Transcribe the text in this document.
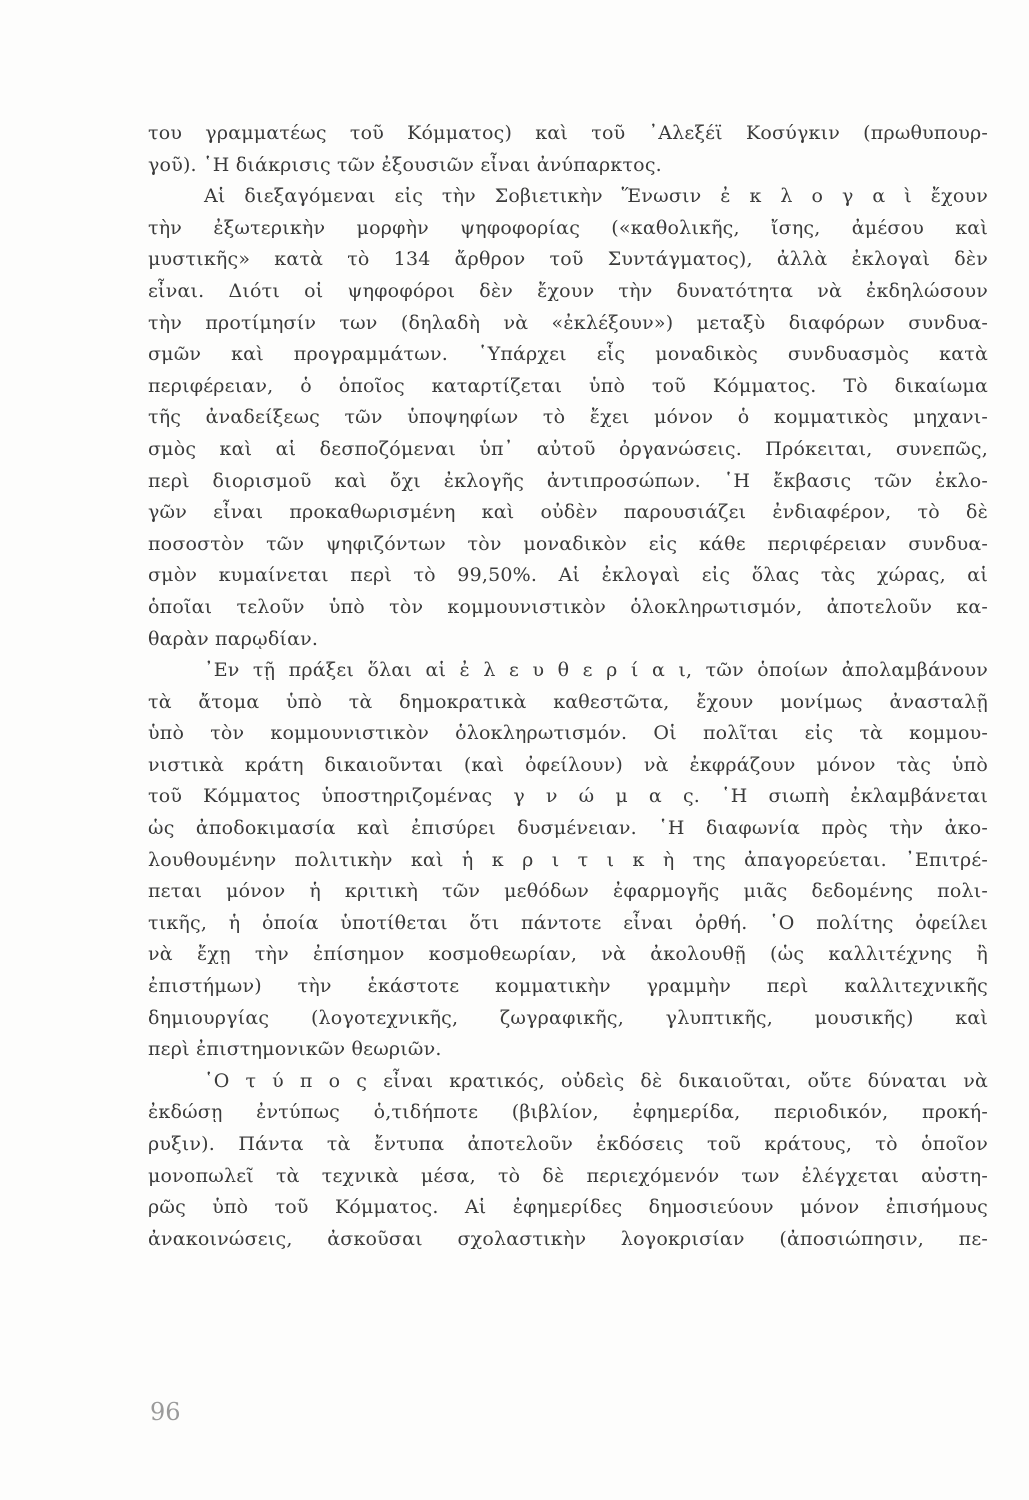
του γραμματέως τοῦ Κόμματος) καὶ τοῦ ᾿Αλεξέϊ Κοσύγκιν (πρωθυπουρ-
γοῦ). ῾Η διάκρισις τῶν ἐξουσιῶν εἶναι ἀνύπαρκτος.
Αἱ διεξαγόμεναι εἰς τὴν Σοβιετικὴν Ἕνωσιν ἐ κ λ ο γ α ὶ ἔχουν
τὴν ἐξωτερικὴν μορφὴν ψηφοφορίας («καθολικῆς, ἴσης, ἀμέσου καὶ
μυστικῆς» κατὰ τὸ 134 ἄρθρον τοῦ Συντάγματος), ἀλλὰ ἐκλογαὶ δὲν
εἶναι. Διότι οἱ ψηφοφόροι δὲν ἔχουν τὴν δυνατότητα νὰ ἐκδηλώσουν
τὴν προτίμησίν των (δηλαδὴ νὰ «ἐκλέξουν») μεταξὺ διαφόρων συνδυα-
σμῶν καὶ προγραμμάτων. ῾Υπάρχει εἷς μοναδικὸς συνδυασμὸς κατὰ
περιφέρειαν, ὁ ὁποῖος καταρτίζεται ὑπὸ τοῦ Κόμματος. Τὸ δικαίωμα
τῆς ἀναδείξεως τῶν ὑποψηφίων τὸ ἔχει μόνον ὁ κομματικὸς μηχανι-
σμὸς καὶ αἱ δεσποζόμεναι ὑπ᾿ αὐτοῦ ὀργανώσεις. Πρόκειται, συνεπῶς,
περὶ διορισμοῦ καὶ ὄχι ἐκλογῆς ἀντιπροσώπων. ῾Η ἔκβασις τῶν ἐκλο-
γῶν εἶναι προκαθωρισμένη καὶ οὐδὲν παρουσιάζει ἐνδιαφέρον, τὸ δὲ
ποσοστὸν τῶν ψηφιζόντων τὸν μοναδικὸν εἰς κάθε περιφέρειαν συνδυα-
σμὸν κυμαίνεται περὶ τὸ 99,50%. Αἱ ἐκλογαὶ εἰς ὅλας τὰς χώρας, αἱ
ὁποῖαι τελοῦν ὑπὸ τὸν κομμουνιστικὸν ὁλοκληρωτισμόν, ἀποτελοῦν κα-
θαρὰν παρῳδίαν.
᾿Εν τῇ πράξει ὅλαι αἱ ἐ λ ε υ θ ε ρ ί α ι, τῶν ὁποίων ἀπολαμβάνουν
τὰ ἄτομα ὑπὸ τὰ δημοκρατικὰ καθεστῶτα, ἔχουν μονίμως ἀνασταλῇ
ὑπὸ τὸν κομμουνιστικὸν ὁλοκληρωτισμόν. Οἱ πολῖται εἰς τὰ κομμου-
νιστικὰ κράτη δικαιοῦνται (καὶ ὀφείλουν) νὰ ἐκφράζουν μόνον τὰς ὑπὸ
τοῦ Κόμματος ὑποστηριζομένας γ ν ώ μ α ς. ῾Η σιωπὴ ἐκλαμβάνεται
ὡς ἀποδοκιμασία καὶ ἐπισύρει δυσμένειαν. ῾Η διαφωνία πρὸς τὴν ἀκο-
λουθουμένην πολιτικὴν καὶ ἡ κ ρ ι τ ι κ ὴ της ἀπαγορεύεται. ᾿Επιτρέ-
πεται μόνον ἡ κριτικὴ τῶν μεθόδων ἐφαρμογῆς μιᾶς δεδομένης πολι-
τικῆς, ἡ ὁποία ὑποτίθεται ὅτι πάντοτε εἶναι ὀρθή. ῾Ο πολίτης ὀφείλει
νὰ ἔχῃ τὴν ἐπίσημον κοσμοθεωρίαν, νὰ ἀκολουθῇ (ὡς καλλιτέχνης ἢ
ἐπιστήμων) τὴν ἑκάστοτε κομματικὴν γραμμὴν περὶ καλλιτεχνικῆς
δημιουργίας (λογοτεχνικῆς, ζωγραφικῆς, γλυπτικῆς, μουσικῆς) καὶ
περὶ ἐπιστημονικῶν θεωριῶν.
῾Ο τ ύ π ο ς εἶναι κρατικός, οὐδεὶς δὲ δικαιοῦται, οὔτε δύναται νὰ
ἐκδώσῃ ἐντύπως ὁ,τιδήποτε (βιβλίον, ἐφημερίδα, περιοδικόν, προκή-
ρυξιν). Πάντα τὰ ἔντυπα ἀποτελοῦν ἐκδόσεις τοῦ κράτους, τὸ ὁποῖον
μονοπωλεῖ τὰ τεχνικὰ μέσα, τὸ δὲ περιεχόμενόν των ἐλέγχεται αὐστη-
ρῶς ὑπὸ τοῦ Κόμματος. Αἱ ἐφημερίδες δημοσιεύουν μόνον ἐπισήμους
ἀνακοινώσεις, ἀσκοῦσαι σχολαστικὴν λογοκρισίαν (ἀποσιώπησιν, πε-
96
